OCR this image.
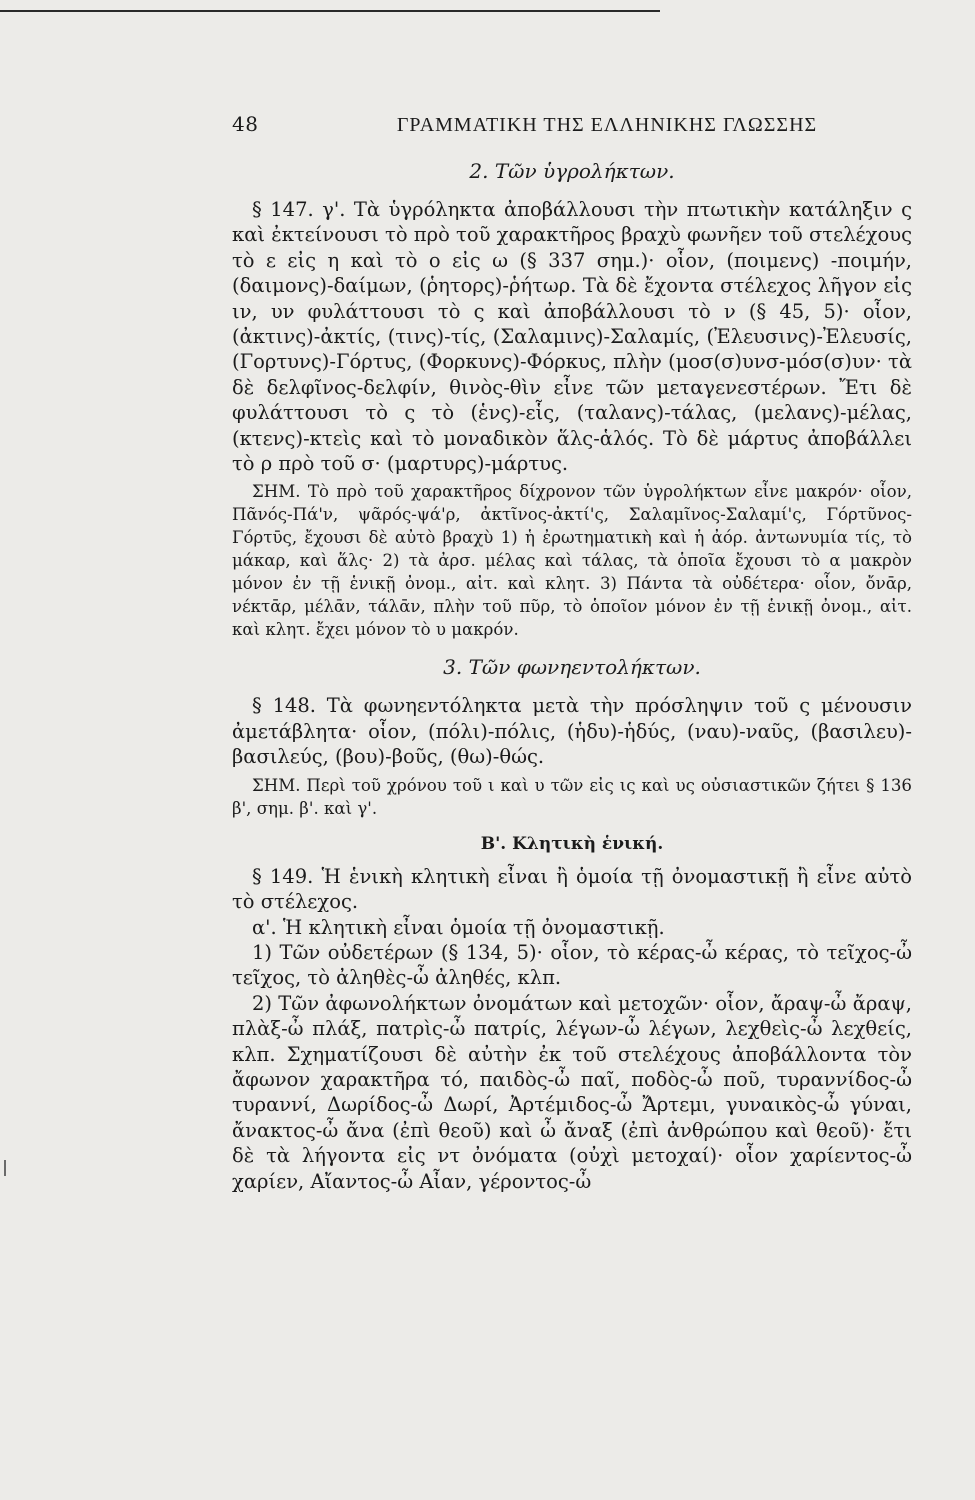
48	ΓΡΑΜΜΑΤΙΚΗ ΤΗΣ ΕΛΛΗΝΙΚΗΣ ΓΛΩΣΣΗΣ
2. Τῶν ὑγρολήκτων.

§ 147. γ'. Τὰ ὑγρόληκτα ἀποβάλλουσι τὴν πτωτικὴν κατάληξιν ς καὶ ἐκτείνουσι τὸ πρὸ τοῦ χαρακτῆρος βραχὺ φωνῆεν τοῦ στελέχους τὸ ε εἰς η καὶ τὸ ο εἰς ω (§ 337 σημ.)· οἷον, (ποιμενς) -ποιμήν, (δαιμονς)-δαίμων, (ῥητορς)-ῥήτωρ. Τὰ δὲ ἔχοντα στέλεχος λῆγον εἰς ιν, υν φυλάττουσι τὸ ς καὶ ἀποβάλλουσι τὸ ν (§ 45, 5)· οἷον, (ἀκτινς)-ἀκτίς, (τινς)-τίς, (Σαλαμινς)-Σαλαμίς, (Ἐλευσινς)-Ἐλευσίς, (Γορτυνς)-Γόρτυς, (Φορκυνς)-Φόρκυς, πλὴν (μοσ(σ)υνσ-μόσ(σ)υν· τὰ δὲ δελφῖνος-δελφίν, θινὸς-θὶν εἶνε τῶν μεταγενεστέρων. Ἔτι δὲ φυλάττουσι τὸ ς τὸ (ἑνς)-εἷς, (ταλανς)-τάλας, (μελανς)-μέλας, (κτενς)-κτεὶς καὶ τὸ μοναδικὸν ἅλς-ἁλός. Τὸ δὲ μάρτυς ἀποβάλλει τὸ ρ πρὸ τοῦ σ· (μαρτυρς)-μάρτυς.

ΣΗΜ. Τὸ πρὸ τοῦ χαρακτῆρος δίχρονον τῶν ὑγρολήκτων εἶνε μακρόν· οἷον, Πᾶνός-Πά'ν, ψᾶρός-ψά'ρ, ἀκτῖνος-ἀκτί'ς, Σαλαμῖνος-Σαλαμί'ς, Γόρτῦνος-Γόρτῡς, ἔχουσι δὲ αὐτὸ βραχὺ 1) ἡ ἐρωτηματικὴ καὶ ἡ ἀόρ. ἀντωνυμία τίς, τὸ μάκαρ, καὶ ἅλς· 2) τὰ ἀρσ. μέλας καὶ τάλας, τὰ ὁποῖα ἔχουσι τὸ α μακρὸν μόνον ἐν τῇ ἑνικῇ ὀνομ., αἰτ. καὶ κλητ. 3) Πάντα τὰ οὐδέτερα· οἷον, ὄνᾱρ, νέκτᾱρ, μέλᾱν, τάλᾱν, πλὴν τοῦ πῦρ, τὸ ὁποῖον μόνον ἐν τῇ ἑνικῇ ὀνομ., αἰτ. καὶ κλητ. ἔχει μόνον τὸ υ μακρόν.

3. Τῶν φωνηεντολήκτων.

§ 148. Τὰ φωνηεντόληκτα μετὰ τὴν πρόσληψιν τοῦ ς μένουσιν ἀμετάβλητα· οἷον, (πόλι)-πόλις, (ἡδυ)-ἡδύς, (ναυ)-ναῦς, (βασιλευ)-βασιλεύς, (βου)-βοῦς, (θω)-θώς.

ΣΗΜ. Περὶ τοῦ χρόνου τοῦ ι καὶ υ τῶν εἰς ις καὶ υς οὐσιαστικῶν ζήτει § 136 β', σημ. β'. καὶ γ'.

Β'. Κλητικὴ ἑνική.

§ 149. Ἡ ἑνικὴ κλητικὴ εἶναι ἢ ὁμοία τῇ ὀνομαστικῇ ἢ εἶνε αὐτὸ τὸ στέλεχος.

α'. Ἡ κλητικὴ εἶναι ὁμοία τῇ ὀνομαστικῇ.

1) Τῶν οὐδετέρων (§ 134, 5)· οἷον, τὸ κέρας-ὦ κέρας, τὸ τεῖχος-ὦ τεῖχος, τὸ ἀληθὲς-ὦ ἀληθές, κλπ.

2) Τῶν ἀφωνολήκτων ὀνομάτων καὶ μετοχῶν· οἷον, ἄραψ-ὦ ἄραψ, πλὰξ-ὦ πλάξ, πατρὶς-ὦ πατρίς, λέγων-ὦ λέγων, λεχθεὶς-ὦ λεχθείς, κλπ. Σχηματίζουσι δὲ αὐτὴν ἐκ τοῦ στελέχους ἀποβάλλοντα τὸν ἄφωνον χαρακτῆρα τό, παιδὸς-ὦ παῖ, ποδὸς-ὦ ποῦ, τυραννίδος-ὦ τυραννί, Δωρίδος-ὦ Δωρί, Ἀρτέμιδος-ὦ Ἄρτεμι, γυναικὸς-ὦ γύναι, ἄνακτος-ὦ ἄνα (ἐπὶ θεοῦ) καὶ ὦ ἄναξ (ἐπὶ ἀνθρώπου καὶ θεοῦ)· ἔτι δὲ τὰ λήγοντα εἰς ντ ὀνόματα (οὐχὶ μετοχαί)· οἷον χαρίεντος-ὦ χαρίεν, Αἴαντος-ὦ Αἶαν, γέροντος-ὦ
